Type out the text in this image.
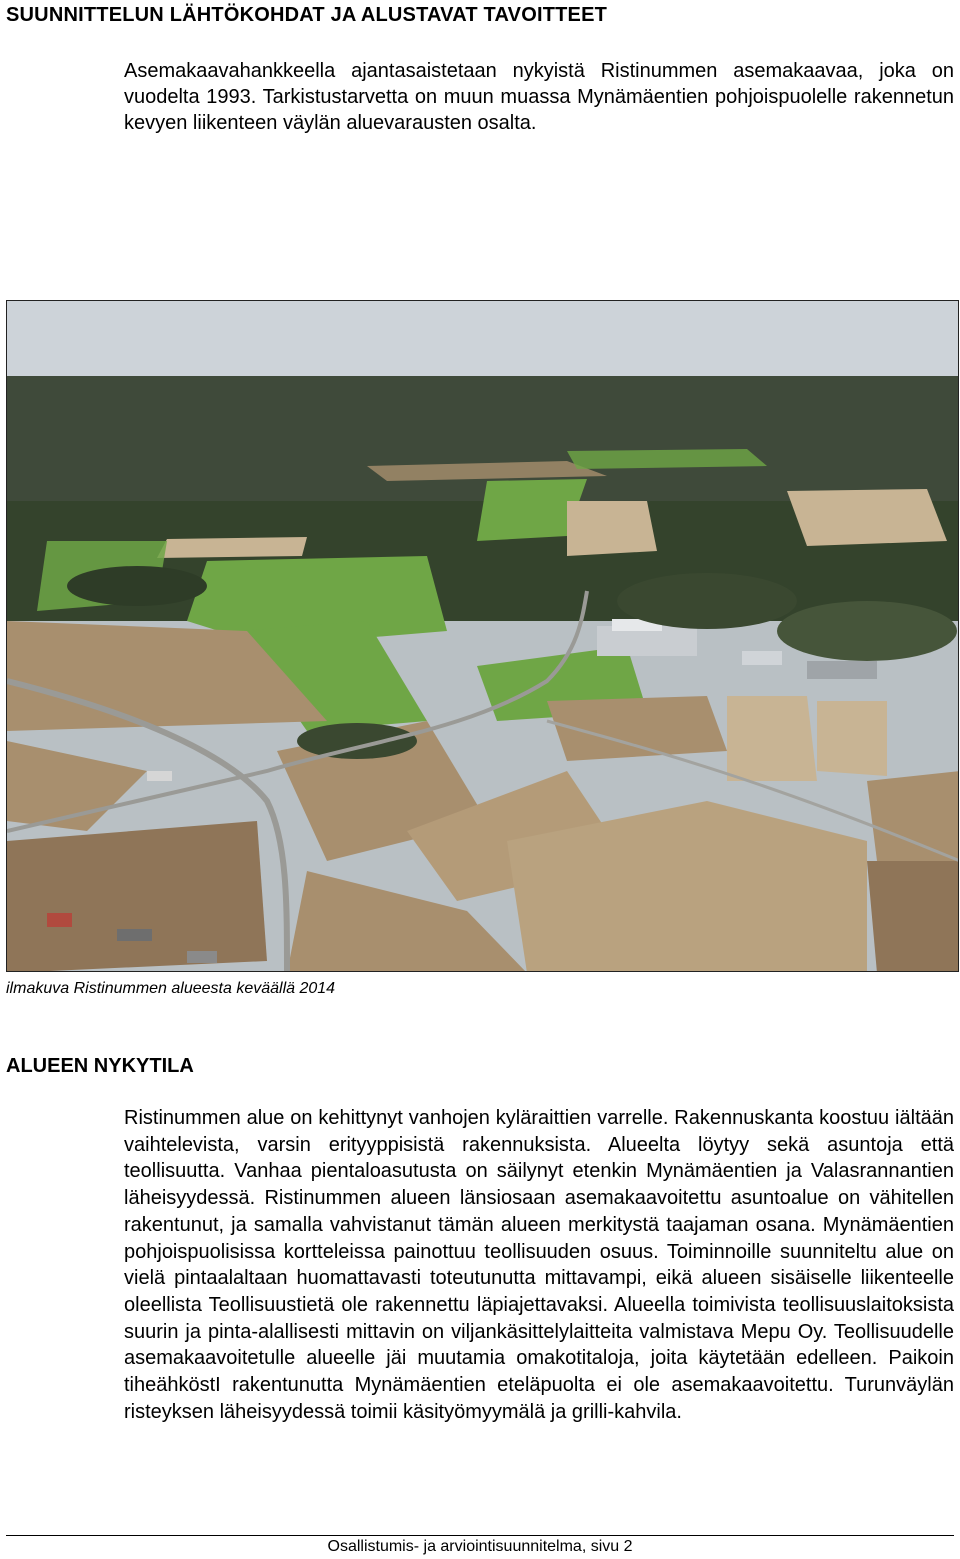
SUUNNITTELUN LÄHTÖKOHDAT JA ALUSTAVAT TAVOITTEET

Asemakaavahankkeella ajantasaistetaan nykyistä Ristinummen asemakaavaa, joka on vuodelta 1993. Tarkistustarvetta on muun muassa Mynämäentien pohjoispuolelle rakennetun kevyen liikenteen väylän aluevarausten osalta.

ilmakuva Ristinummen alueesta keväällä 2014

ALUEEN NYKYTILA

Ristinummen alue on kehittynyt vanhojen kyläraittien varrelle. Rakennuskanta koostuu iältään vaihtelevista, varsin erityyppisistä rakennuksista. Alueelta löytyy sekä asuntoja että teollisuutta. Vanhaa pientaloasutusta on säilynyt etenkin Mynämäentien ja Valasrannantien läheisyydessä. Ristinummen alueen länsiosaan asemakaavoitettu asuntoalue on vähitellen rakentunut, ja samalla vahvistanut tämän alueen merkitystä taajaman osana. Mynämäentien pohjoispuolisissa kortteleissa painottuu teollisuuden osuus. Toiminnoille suunniteltu alue on vielä pintaalaltaan huomattavasti toteutunutta mittavampi, eikä alueen sisäiselle liikenteelle oleellista Teollisuustietä ole rakennettu läpiajettavaksi. Alueella toimivista teollisuuslaitoksista suurin ja pinta-alallisesti mittavin on viljankäsittelylaitteita valmistava Mepu Oy. Teollisuudelle asemakaavoitetulle alueelle jäi muutamia omakotitaloja, joita käytetään edelleen. Paikoin tiheähköstI rakentunutta Mynämäentien eteläpuolta ei ole asemakaavoitettu. Turunväylän risteyksen läheisyydessä toimii käsityömyymälä ja grilli-kahvila.

Osallistumis- ja arviointisuunnitelma, sivu 2
